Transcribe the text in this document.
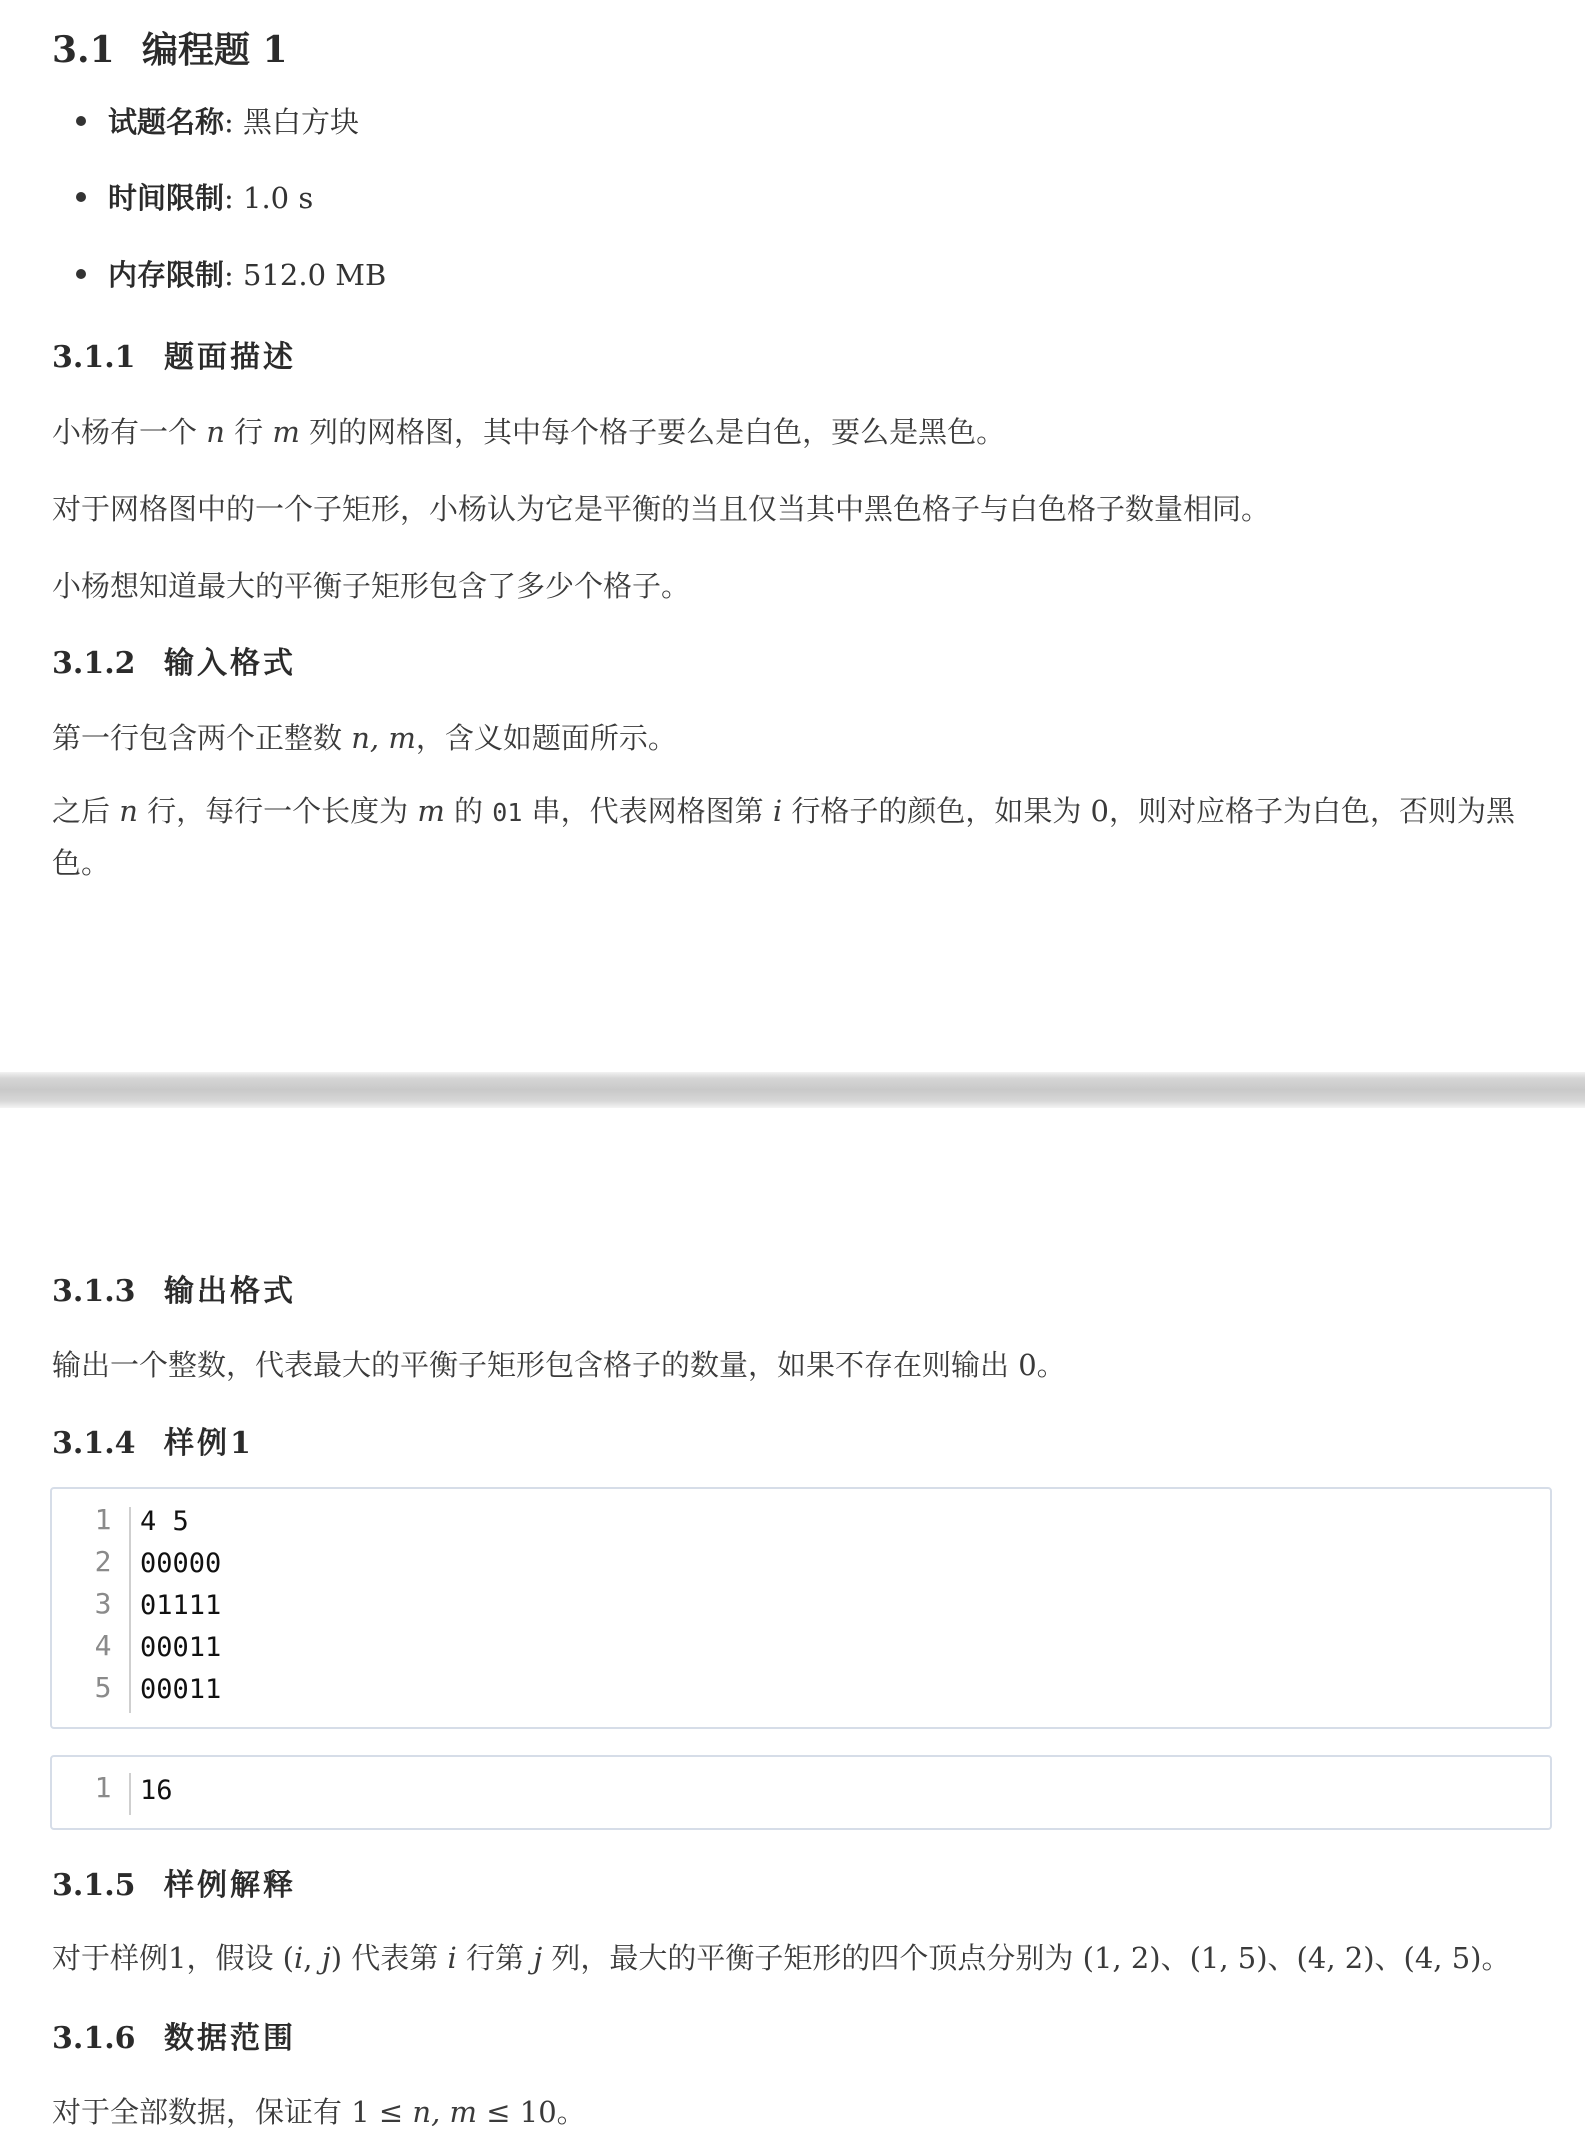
3.1 编程题 1
试题名称: 黑白方块
时间限制: 1.0 s
内存限制: 512.0 MB
3.1.1 题面描述
小杨有一个 n 行 m 列的网格图，其中每个格子要么是白色，要么是黑色。
对于网格图中的一个子矩形，小杨认为它是平衡的当且仅当其中黑色格子与白色格子数量相同。
小杨想知道最大的平衡子矩形包含了多少个格子。
3.1.2 输入格式
第一行包含两个正整数 n, m，含义如题面所示。
之后 n 行，每行一个长度为 m 的 01 串，代表网格图第 i 行格子的颜色，如果为 0，则对应格子为白色，否则为黑色。
3.1.3 输出格式
输出一个整数，代表最大的平衡子矩形包含格子的数量，如果不存在则输出 0。
3.1.4 样例1
1
2
3
4
5
4 5
00000
01111
00011
00011
1	16
3.1.5 样例解释
对于样例1，假设 (i, j) 代表第 i 行第 j 列，最大的平衡子矩形的四个顶点分别为 (1, 2)、(1, 5)、(4, 2)、(4, 5)。
3.1.6 数据范围
对于全部数据，保证有 1 ≤ n, m ≤ 10。
